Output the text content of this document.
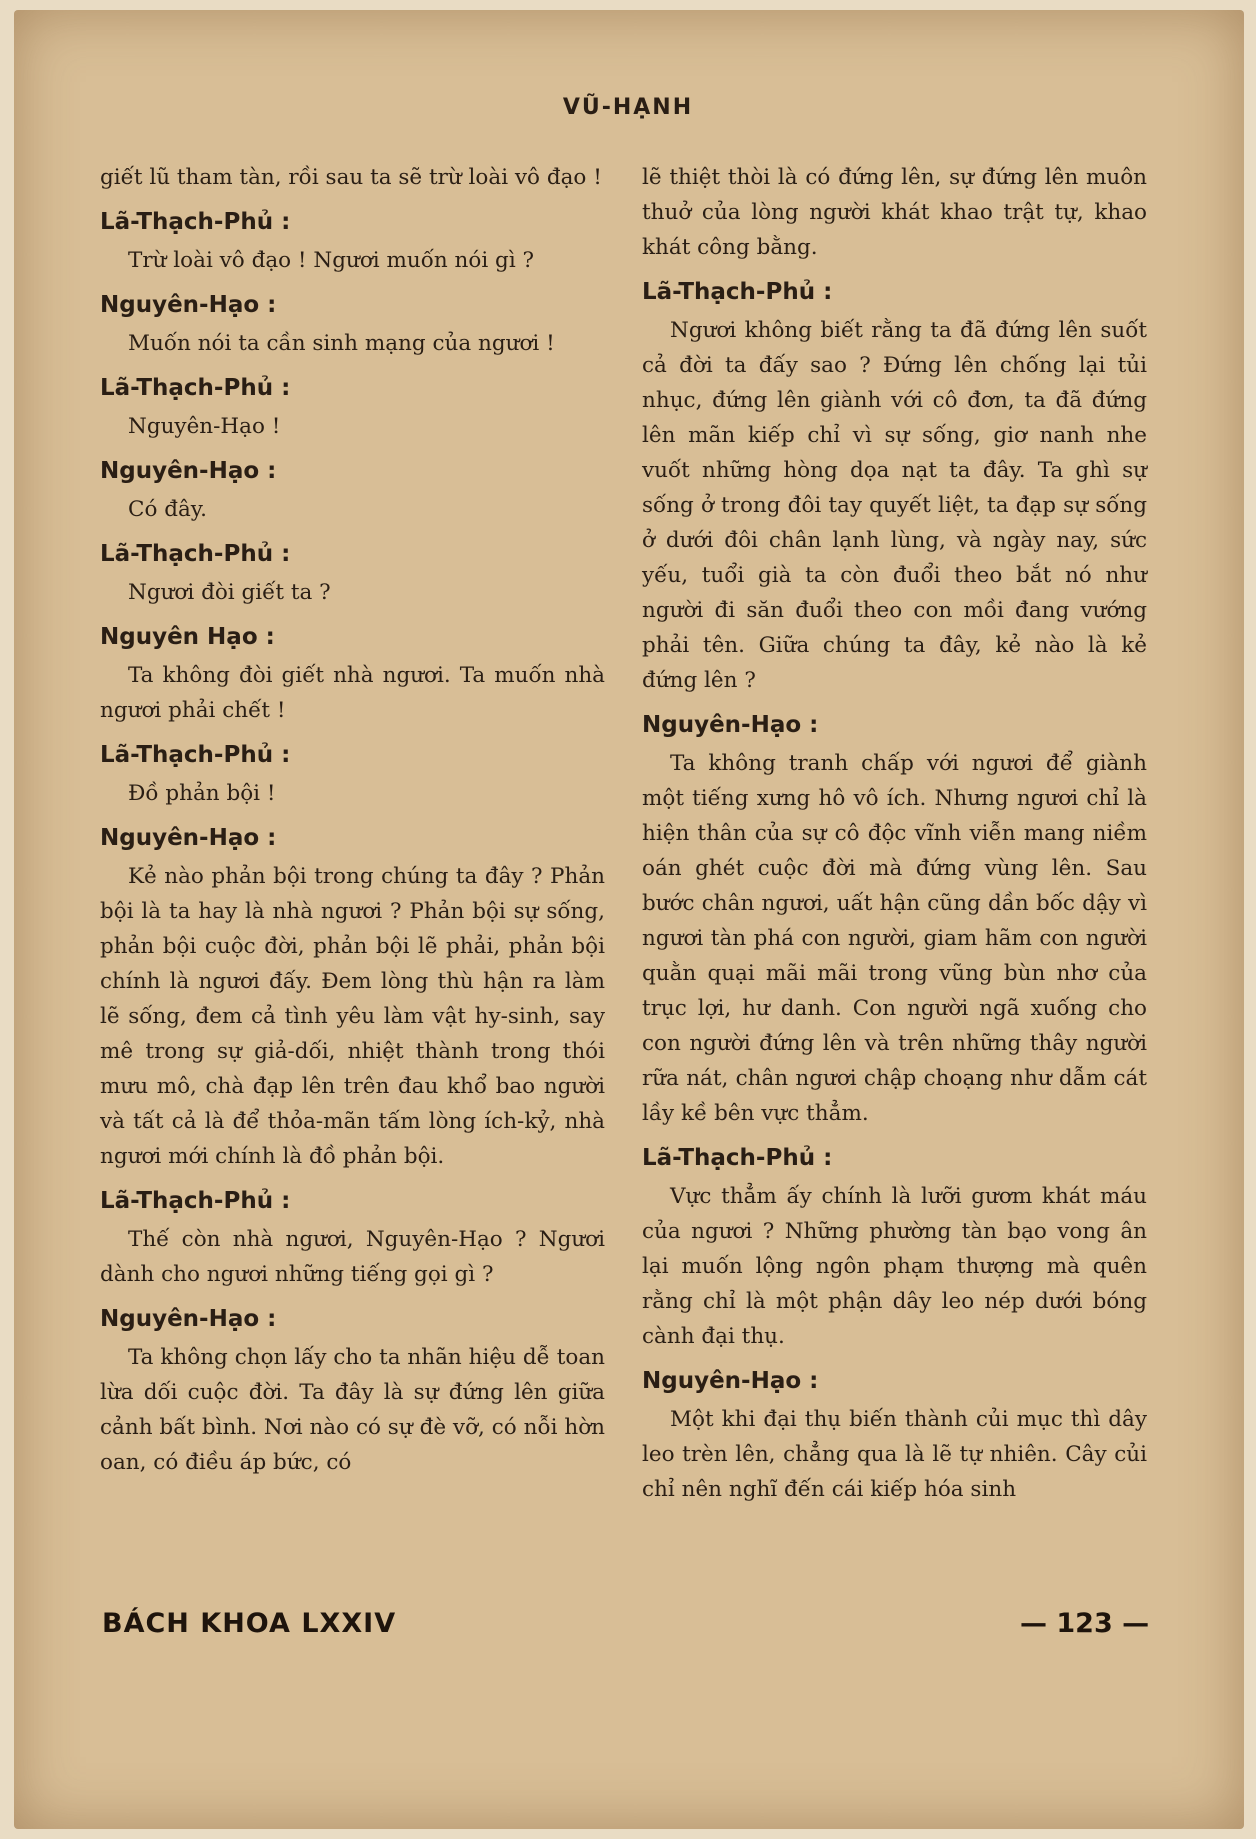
VŨ-HẠNH
giết lũ tham tàn, rồi sau ta sẽ trừ loài vô đạo !
Lã-Thạch-Phủ :
Trừ loài vô đạo ! Ngươi muốn nói gì ?
Nguyên-Hạo :
Muốn nói ta cần sinh mạng của ngươi !
Lã-Thạch-Phủ :
Nguyên-Hạo !
Nguyên-Hạo :
Có đây.
Lã-Thạch-Phủ :
Ngươi đòi giết ta ?
Nguyên Hạo :
Ta không đòi giết nhà ngươi. Ta muốn nhà ngươi phải chết !
Lã-Thạch-Phủ :
Đồ phản bội !
Nguyên-Hạo :
Kẻ nào phản bội trong chúng ta đây ? Phản bội là ta hay là nhà ngươi ? Phản bội sự sống, phản bội cuộc đời, phản bội lẽ phải, phản bội chính là ngươi đấy. Đem lòng thù hận ra làm lẽ sống, đem cả tình yêu làm vật hy-sinh, say mê trong sự giả-dối, nhiệt thành trong thói mưu mô, chà đạp lên trên đau khổ bao người và tất cả là để thỏa-mãn tấm lòng ích-kỷ, nhà ngươi mới chính là đồ phản bội.
Lã-Thạch-Phủ :
Thế còn nhà ngươi, Nguyên-Hạo ? Ngươi dành cho ngươi những tiếng gọi gì ?
Nguyên-Hạo :
Ta không chọn lấy cho ta nhãn hiệu dễ toan lừa dối cuộc đời. Ta đây là sự đứng lên giữa cảnh bất bình. Nơi nào có sự đè vỡ, có nỗi hờn oan, có điều áp bức, có
lẽ thiệt thòi là có đứng lên, sự đứng lên muôn thuở của lòng người khát khao trật tự, khao khát công bằng.
Lã-Thạch-Phủ :
Ngươi không biết rằng ta đã đứng lên suốt cả đời ta đấy sao ? Đứng lên chống lại tủi nhục, đứng lên giành với cô đơn, ta đã đứng lên mãn kiếp chỉ vì sự sống, giơ nanh nhe vuốt những hòng dọa nạt ta đây. Ta ghì sự sống ở trong đôi tay quyết liệt, ta đạp sự sống ở dưới đôi chân lạnh lùng, và ngày nay, sức yếu, tuổi già ta còn đuổi theo bắt nó như người đi săn đuổi theo con mồi đang vướng phải tên. Giữa chúng ta đây, kẻ nào là kẻ đứng lên ?
Nguyên-Hạo :
Ta không tranh chấp với ngươi để giành một tiếng xưng hô vô ích. Nhưng ngươi chỉ là hiện thân của sự cô độc vĩnh viễn mang niềm oán ghét cuộc đời mà đứng vùng lên. Sau bước chân ngươi, uất hận cũng dần bốc dậy vì ngươi tàn phá con người, giam hãm con người quằn quại mãi mãi trong vũng bùn nhơ của trục lợi, hư danh. Con người ngã xuống cho con người đứng lên và trên những thây người rữa nát, chân ngươi chập choạng như dẫm cát lầy kề bên vực thẳm.
Lã-Thạch-Phủ :
Vực thẳm ấy chính là lưỡi gươm khát máu của ngươi ? Những phường tàn bạo vong ân lại muốn lộng ngôn phạm thượng mà quên rằng chỉ là một phận dây leo nép dưới bóng cành đại thụ.
Nguyên-Hạo :
Một khi đại thụ biến thành củi mục thì dây leo trèn lên, chẳng qua là lẽ tự nhiên. Cây củi chỉ nên nghĩ đến cái kiếp hóa sinh
BÁCH KHOA LXXIV	— 123 —
